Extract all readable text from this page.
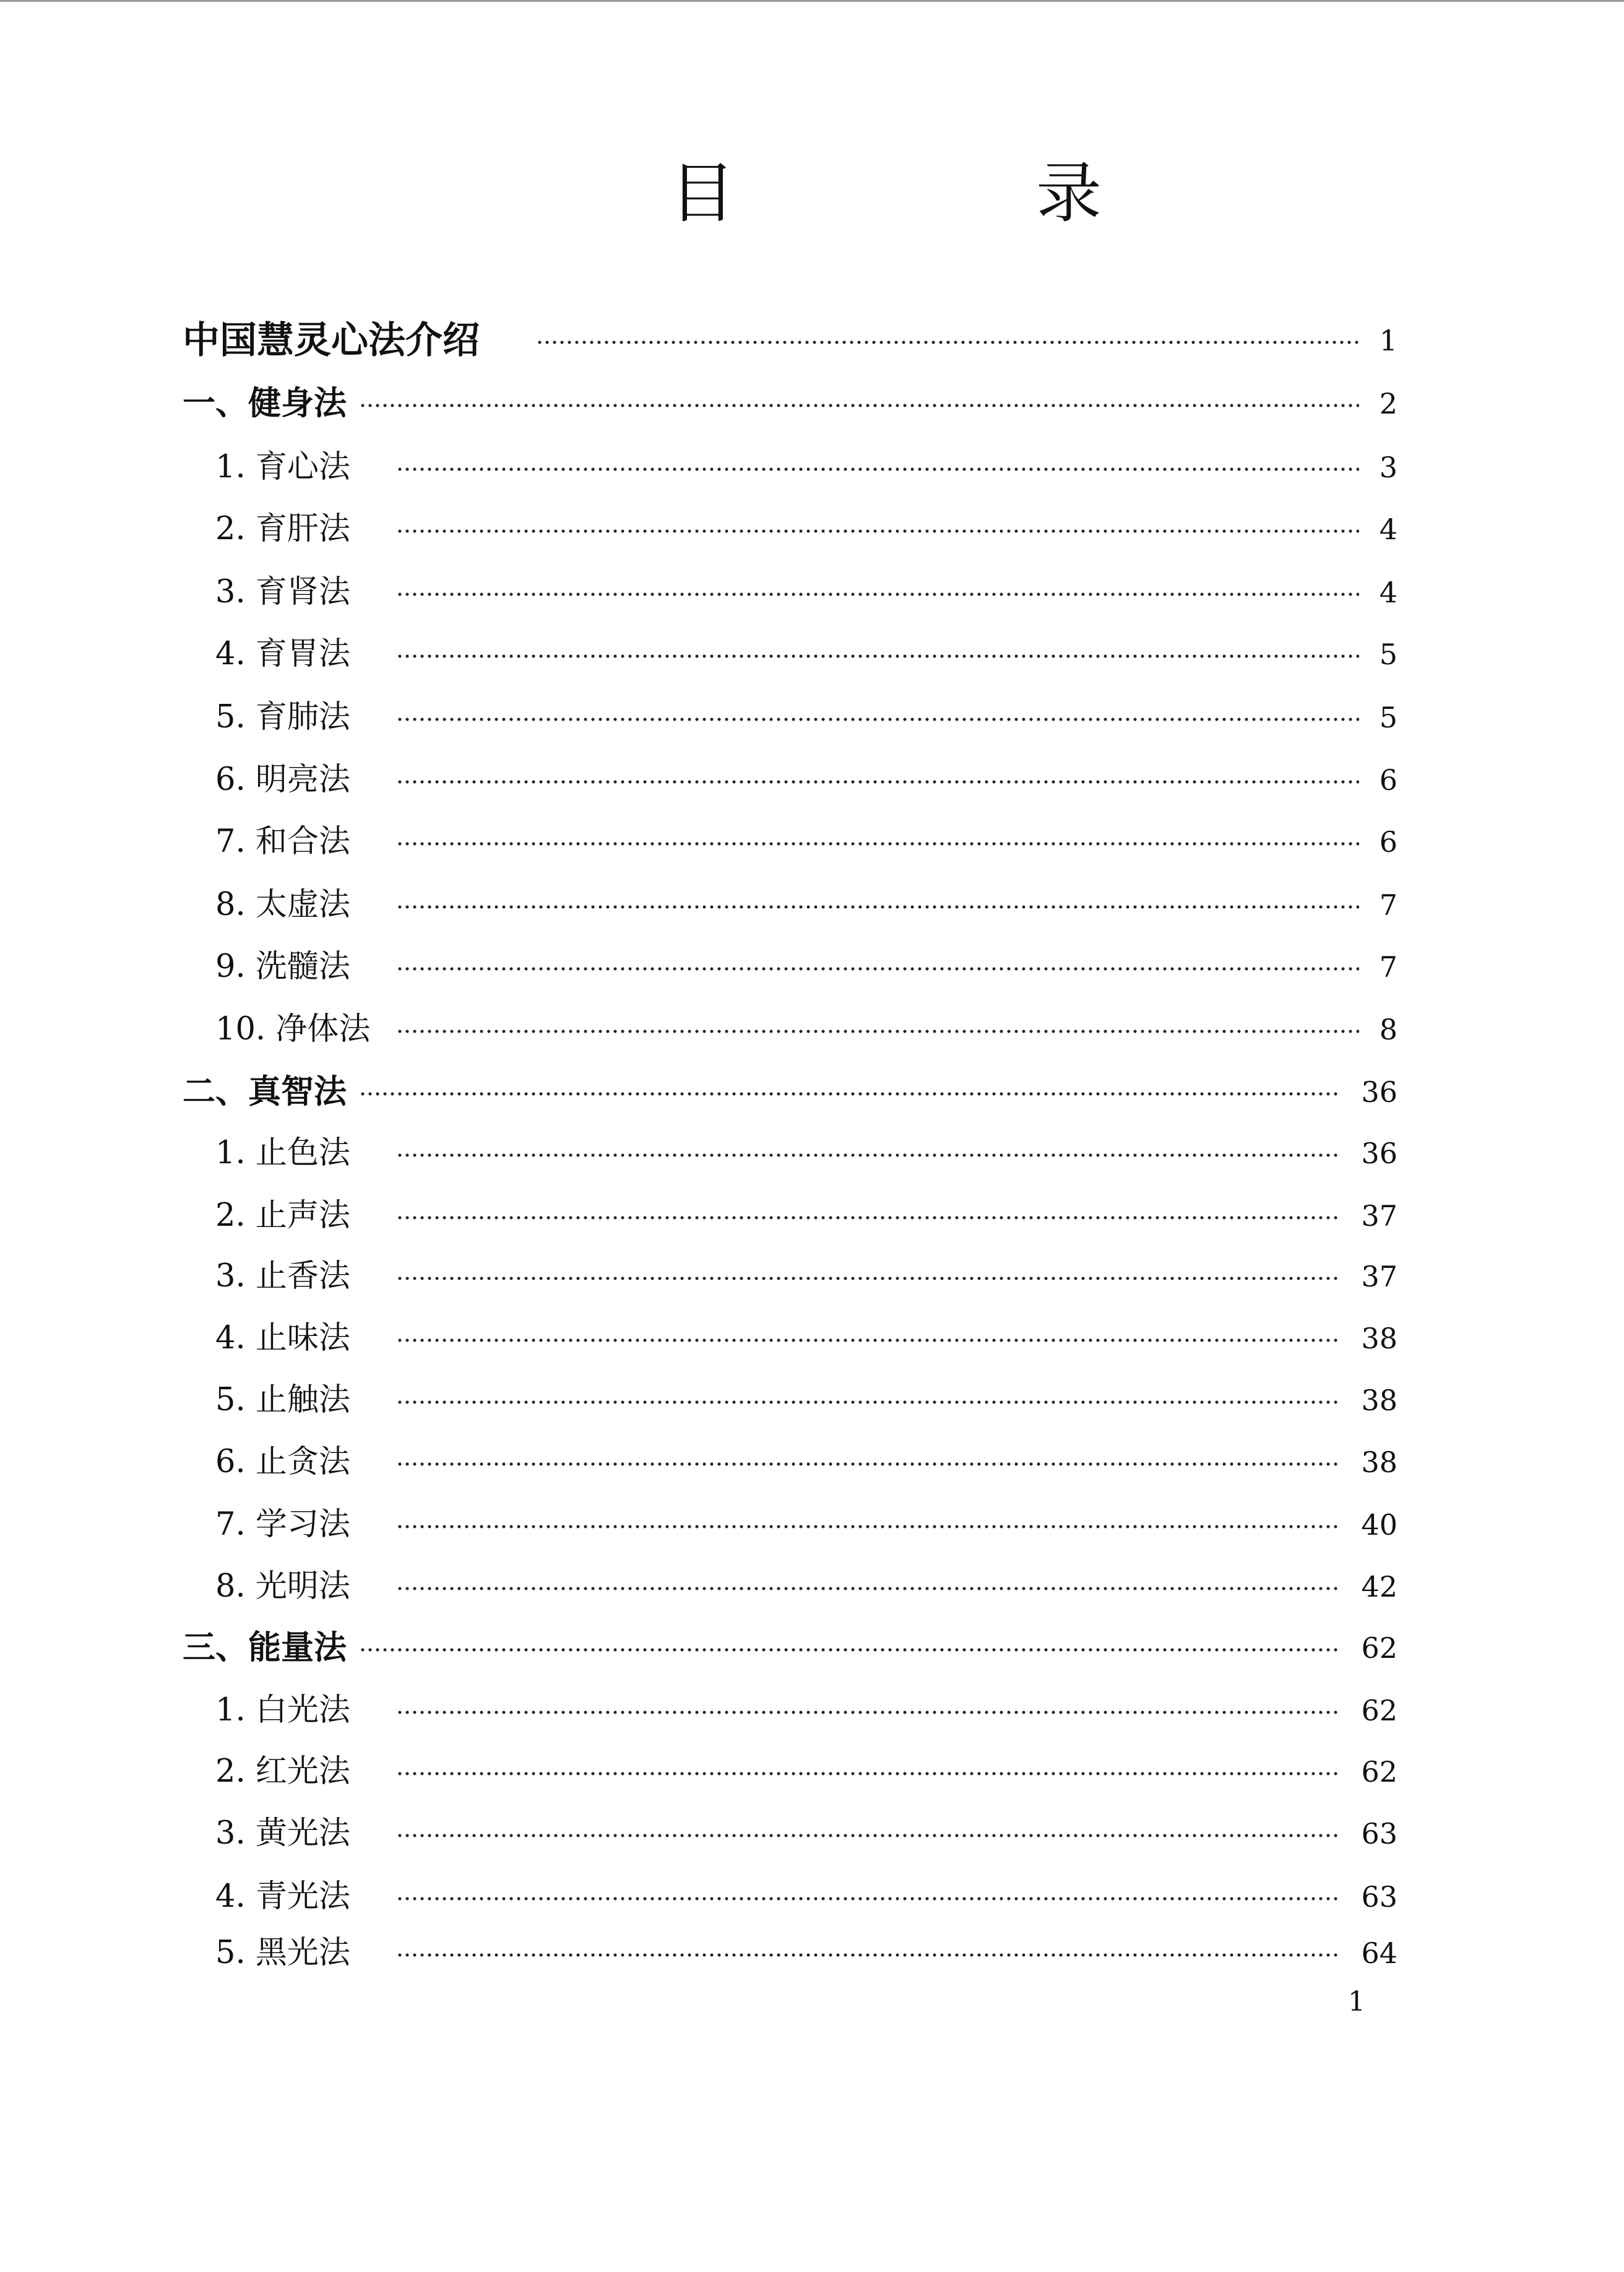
目　录
中国慧灵心法介绍	1
一、健身法	2
1. 育心法	3
2. 育肝法	4
3. 育肾法	4
4. 育胃法	5
5. 育肺法	5
6. 明亮法	6
7. 和合法	6
8. 太虚法	7
9. 洗髓法	7
10. 净体法	8
二、真智法	36
1. 止色法	36
2. 止声法	37
3. 止香法	37
4. 止味法	38
5. 止触法	38
6. 止贪法	38
7. 学习法	40
8. 光明法	42
三、能量法	62
1. 白光法	62
2. 红光法	62
3. 黄光法	63
4. 青光法	63
5. 黑光法	64
1
